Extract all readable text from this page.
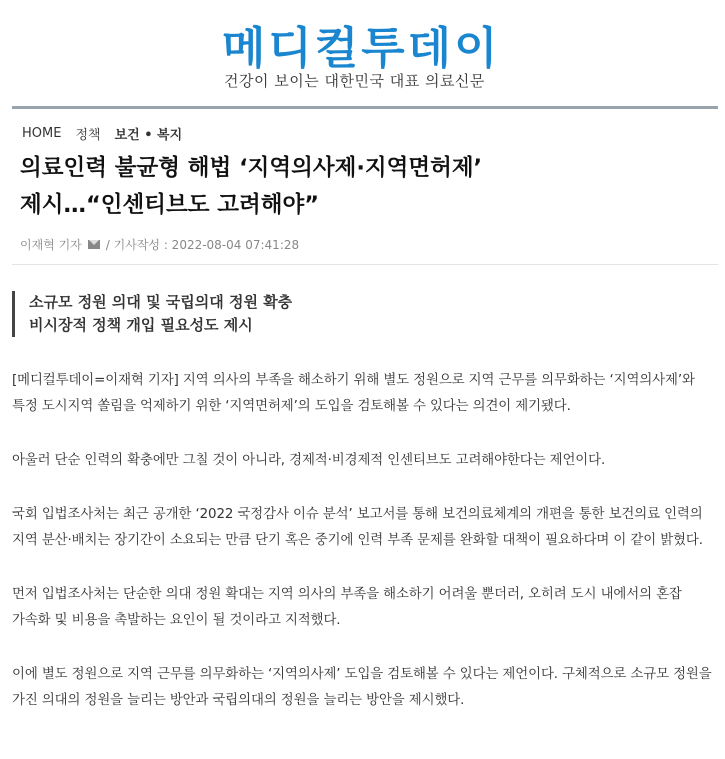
메디컬투데이
건강이 보이는 대한민국 대표 의료신문
HOME 정책 보건 • 복지
의료인력 불균형 해법 ‘지역의사제·지역면허제’
제시…“인센티브도 고려해야”
이재혁 기자 / 기사작성 : 2022-08-04 07:41:28
소규모 정원 의대 및 국립의대 정원 확충
비시장적 정책 개입 필요성도 제시

[메디컬투데이=이재혁 기자] 지역 의사의 부족을 해소하기 위해 별도 정원으로 지역 근무를 의무화하는 ‘지역의사제’와 특정 도시지역 쏠림을 억제하기 위한 ‘지역면허제’의 도입을 검토해볼 수 있다는 의견이 제기됐다.

아울러 단순 인력의 확충에만 그칠 것이 아니라, 경제적·비경제적 인센티브도 고려해야한다는 제언이다.

국회 입법조사처는 최근 공개한 ‘2022 국정감사 이슈 분석’ 보고서를 통해 보건의료체계의 개편을 통한 보건의료 인력의 지역 분산·배치는 장기간이 소요되는 만큼 단기 혹은 중기에 인력 부족 문제를 완화할 대책이 필요하다며 이 같이 밝혔다.

먼저 입법조사처는 단순한 의대 정원 확대는 지역 의사의 부족을 해소하기 어려울 뿐더러, 오히려 도시 내에서의 혼잡 가속화 및 비용을 촉발하는 요인이 될 것이라고 지적했다.

이에 별도 정원으로 지역 근무를 의무화하는 ‘지역의사제’ 도입을 검토해볼 수 있다는 제언이다. 구체적으로 소규모 정원을 가진 의대의 정원을 늘리는 방안과 국립의대의 정원을 늘리는 방안을 제시했다.
